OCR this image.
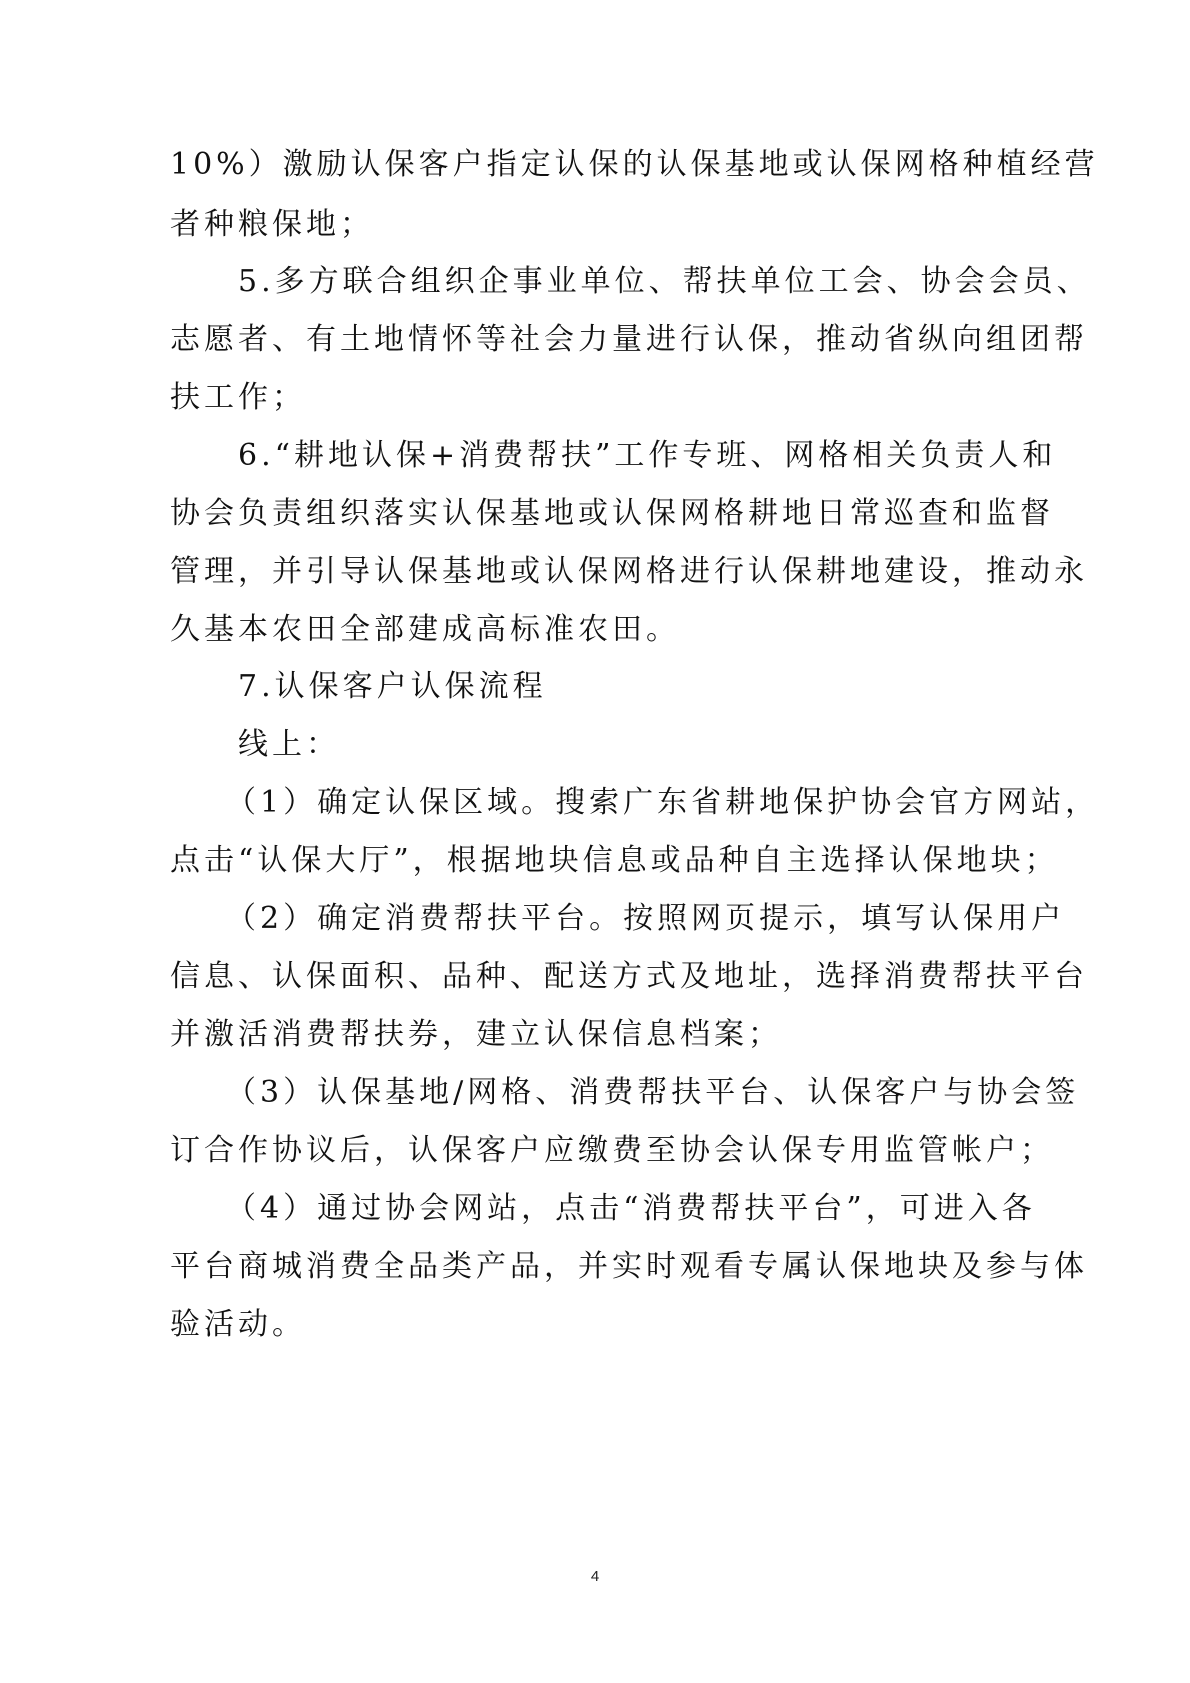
10%）激励认保客户指定认保的认保基地或认保网格种植经营
者种粮保地；
5.多方联合组织企事业单位、帮扶单位工会、协会会员、
志愿者、有土地情怀等社会力量进行认保，推动省纵向组团帮
扶工作；
6.“耕地认保+消费帮扶”工作专班、网格相关负责人和
协会负责组织落实认保基地或认保网格耕地日常巡查和监督
管理，并引导认保基地或认保网格进行认保耕地建设，推动永
久基本农田全部建成高标准农田。
7.认保客户认保流程
线上：
（1）确定认保区域。搜索广东省耕地保护协会官方网站，
点击“认保大厅”，根据地块信息或品种自主选择认保地块；
（2）确定消费帮扶平台。按照网页提示，填写认保用户
信息、认保面积、品种、配送方式及地址，选择消费帮扶平台
并激活消费帮扶券，建立认保信息档案；
（3）认保基地/网格、消费帮扶平台、认保客户与协会签
订合作协议后，认保客户应缴费至协会认保专用监管帐户；
（4）通过协会网站，点击“消费帮扶平台”，可进入各
平台商城消费全品类产品，并实时观看专属认保地块及参与体
验活动。
4
